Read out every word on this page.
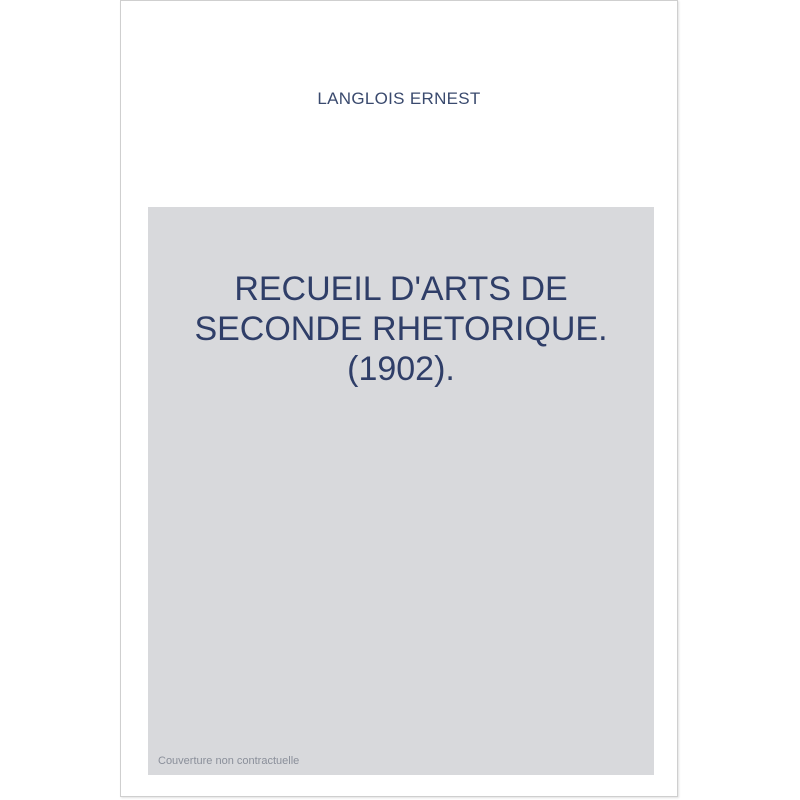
LANGLOIS ERNEST
RECUEIL D'ARTS DE
SECONDE RHETORIQUE.
(1902).
Couverture non contractuelle
